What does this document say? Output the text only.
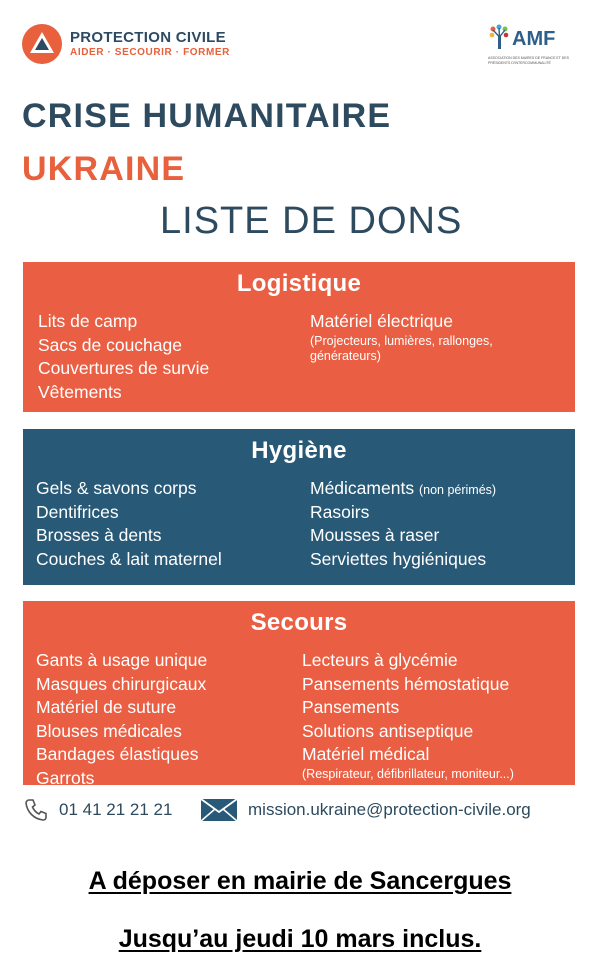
PROTECTION CIVILE
AIDER · SECOURIR · FORMER
AMF
ASSOCIATION DES MAIRES DE FRANCE ET DES PRÉSIDENTS D'INTERCOMMUNALITÉ
CRISE HUMANITAIRE
UKRAINE
LISTE DE DONS
Logistique
Lits de camp
Sacs de couchage
Couvertures de survie
Vêtements
Matériel électrique
(Projecteurs, lumières, rallonges, générateurs)
Hygiène
Gels & savons corps
Dentifrices
Brosses à dents
Couches & lait maternel
Médicaments (non périmés)
Rasoirs
Mousses à raser
Serviettes hygiéniques
Secours
Gants à usage unique
Masques chirurgicaux
Matériel de suture
Blouses médicales
Bandages élastiques
Garrots
Lecteurs à glycémie
Pansements hémostatique
Pansements
Solutions antiseptique
Matériel médical
(Respirateur, défibrillateur, moniteur...)
01 41 21 21 21	mission.ukraine@protection-civile.org
A déposer en mairie de Sancergues
Jusqu’au jeudi 10 mars inclus.
